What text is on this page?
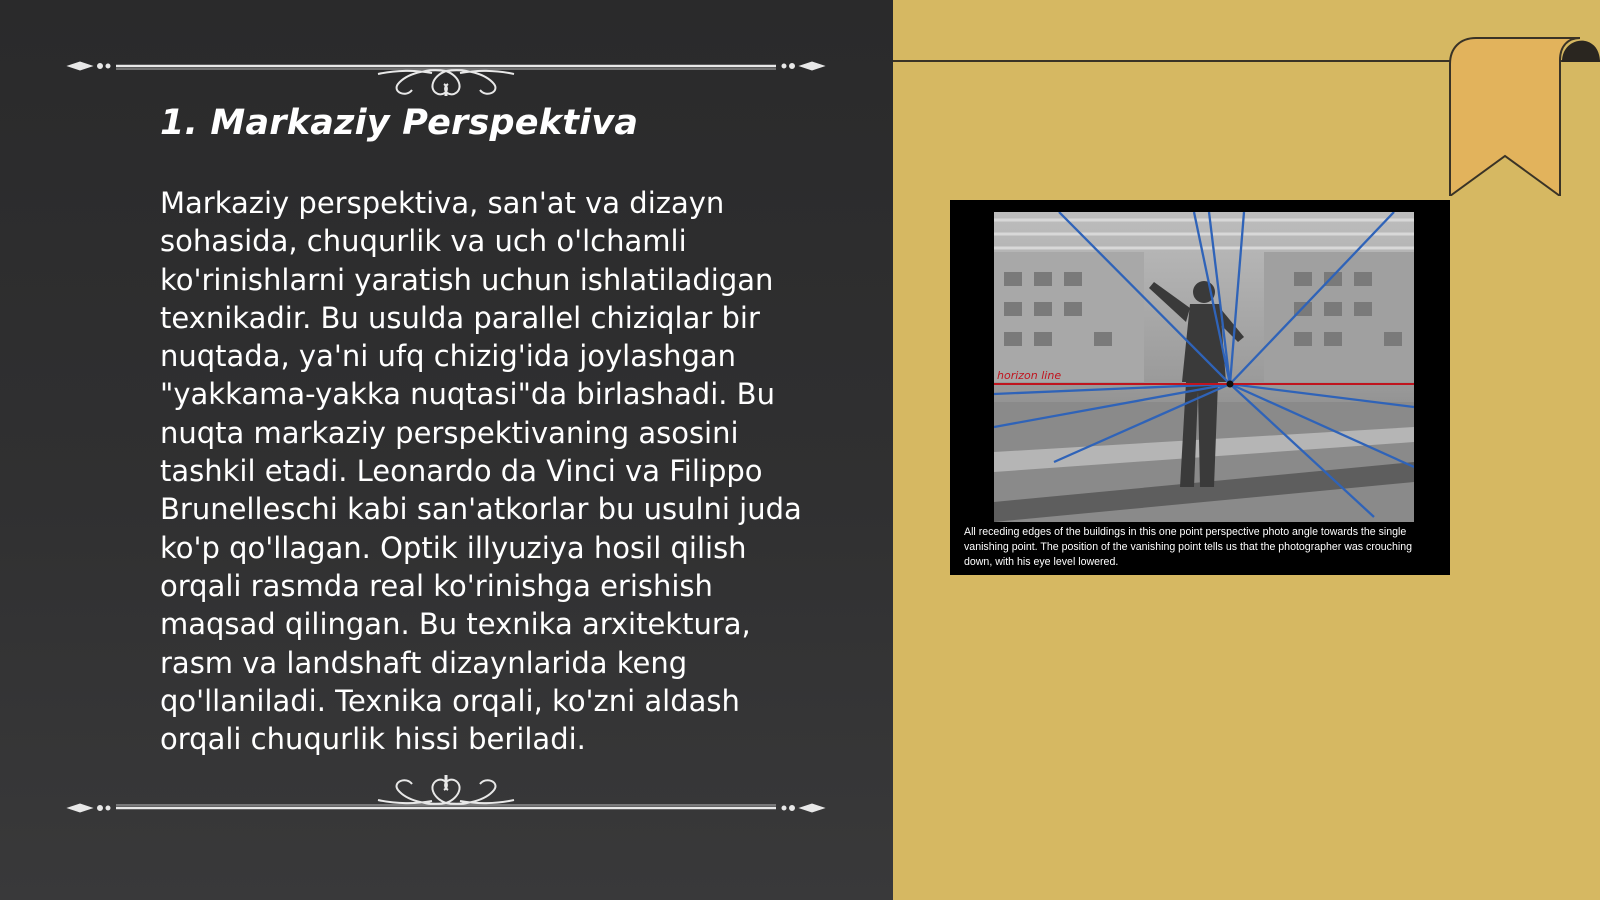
1. Markaziy Perspektiva

Markaziy perspektiva, san'at va dizayn sohasida, chuqurlik va uch o'lchamli ko'rinishlarni yaratish uchun ishlatiladigan texnikadir. Bu usulda parallel chiziqlar bir nuqtada, ya'ni ufq chizig'ida joylashgan "yakkama-yakka nuqtasi"da birlashadi. Bu nuqta markaziy perspektivaning asosini tashkil etadi. Leonardo da Vinci va Filippo Brunelleschi kabi san'atkorlar bu usulni juda ko'p qo'llagan. Optik illyuziya hosil qilish orqali rasmda real ko'rinishga erishish maqsad qilingan. Bu texnika arxitektura, rasm va landshaft dizaynlarida keng qo'llaniladi. Texnika orqali, ko'zni aldash orqali chuqurlik hissi beriladi.

horizon line

All receding edges of the buildings in this one point perspective photo angle towards the single vanishing point. The position of the vanishing point tells us that the photographer was crouching down, with his eye level lowered.
